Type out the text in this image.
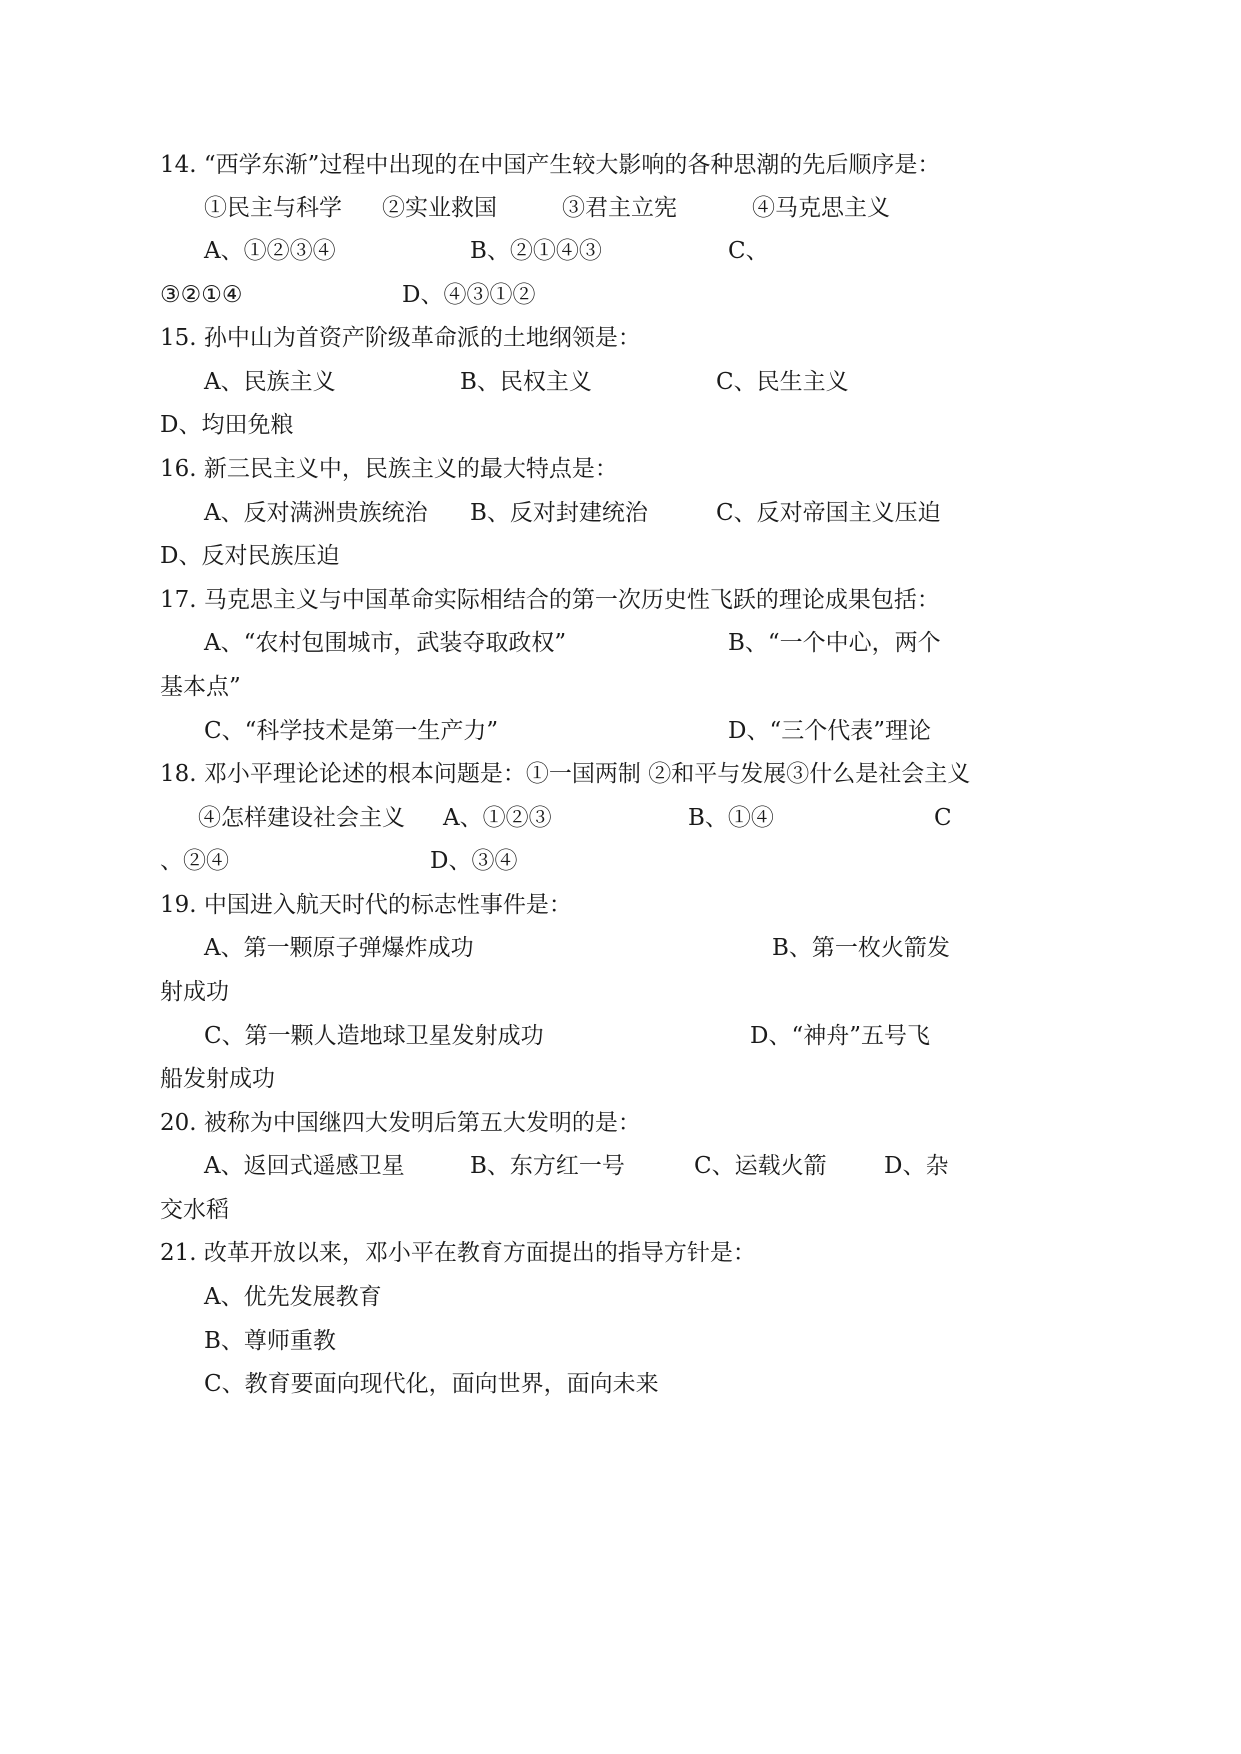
14. “西学东渐”过程中出现的在中国产生较大影响的各种思潮的先后顺序是：
①民主与科学 ②实业救国	③君主立宪	④马克思主义
A、①②③④	B、②①④③	C、
③②①④	D、④③①②
15. 孙中山为首资产阶级革命派的土地纲领是：
A、民族主义	B、民权主义	C、民生主义
D、均田免粮
16. 新三民主义中，民族主义的最大特点是：
A、反对满洲贵族统治 B、反对封建统治	C、反对帝国主义压迫
D、反对民族压迫
17. 马克思主义与中国革命实际相结合的第一次历史性飞跃的理论成果包括：
A、“农村包围城市，武装夺取政权”	B、“一个中心，两个
基本点”
C、“科学技术是第一生产力”	D、“三个代表”理论
18. 邓小平理论论述的根本问题是：①一国两制 ②和平与发展③什么是社会主义
④怎样建设社会主义 A、①②③	B、①④	C
、②④	D、③④
19. 中国进入航天时代的标志性事件是：
A、第一颗原子弹爆炸成功	B、第一枚火箭发
射成功
C、第一颗人造地球卫星发射成功	D、“神舟”五号飞
船发射成功
20. 被称为中国继四大发明后第五大发明的是：
A、返回式遥感卫星	B、东方红一号	C、运载火箭 D、杂
交水稻
21. 改革开放以来，邓小平在教育方面提出的指导方针是：
A、优先发展教育
B、尊师重教
C、教育要面向现代化，面向世界，面向未来
